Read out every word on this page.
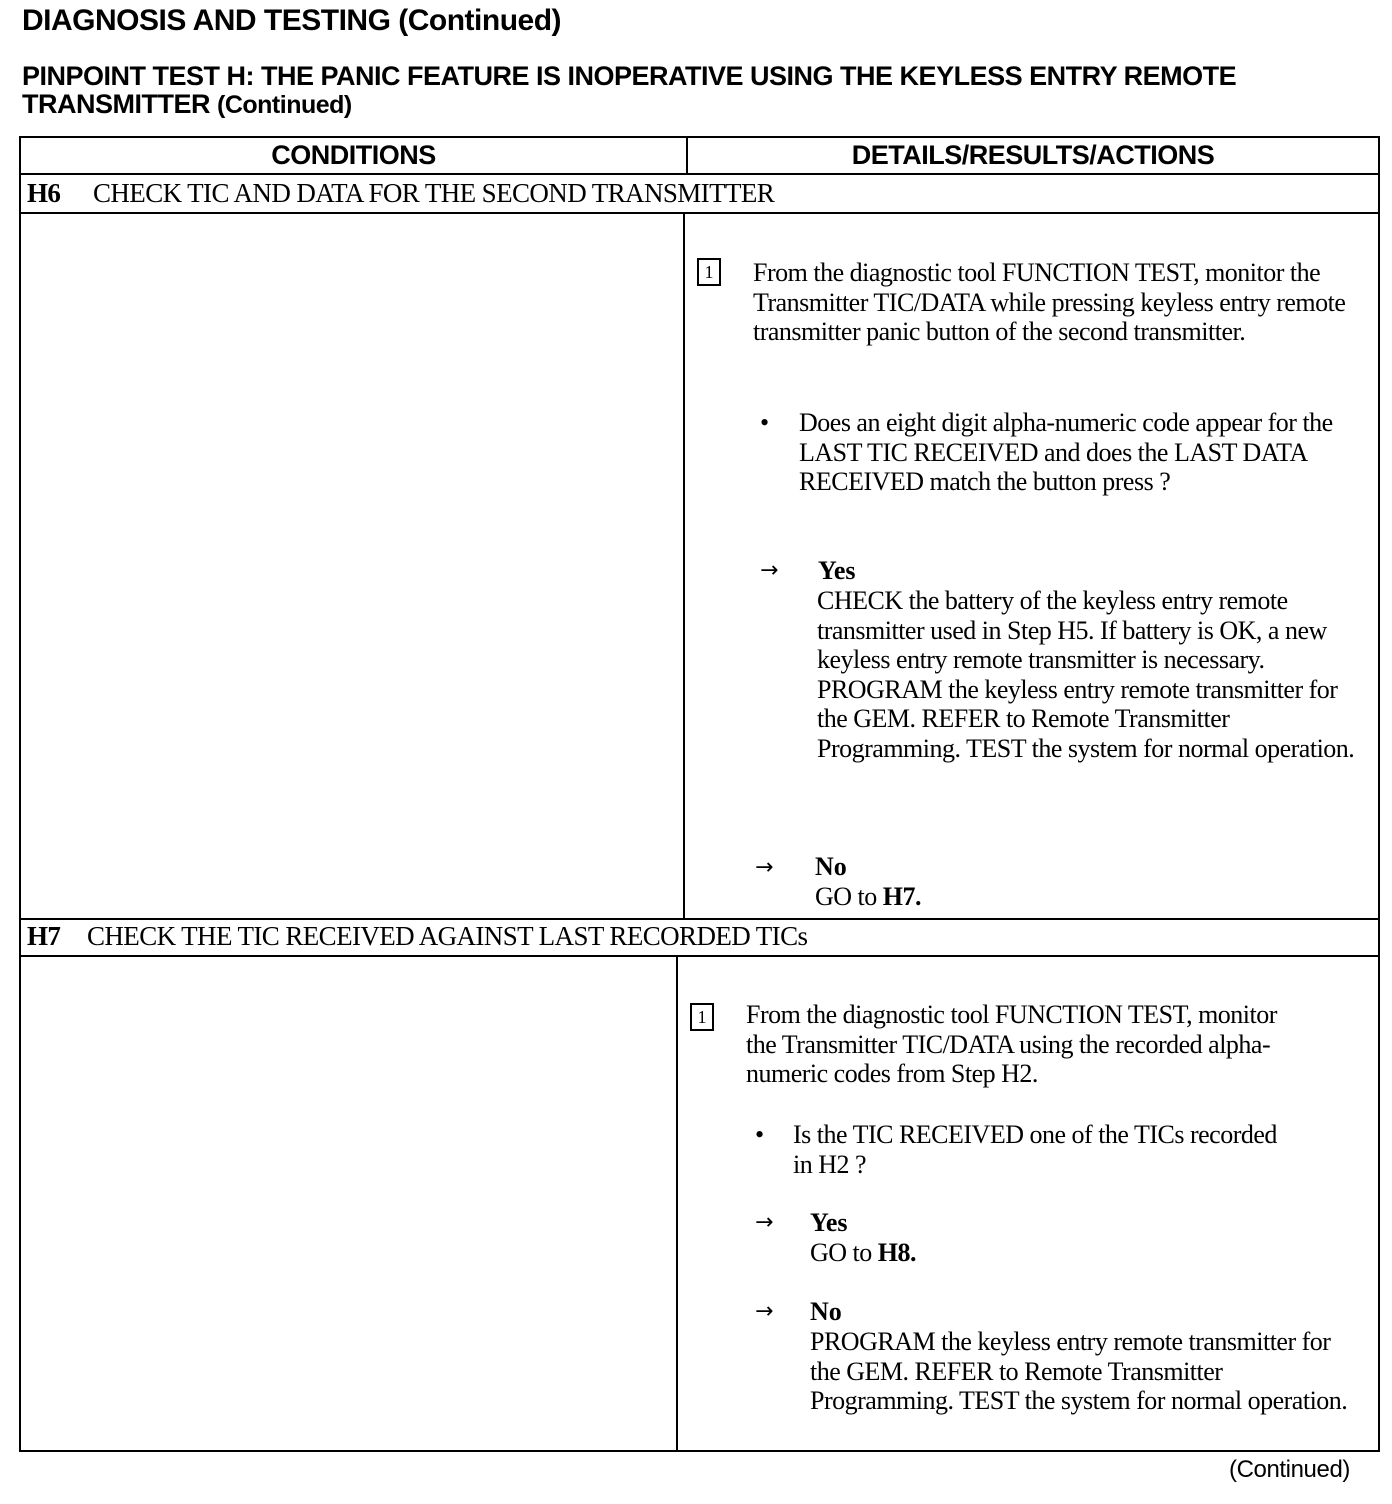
DIAGNOSIS AND TESTING (Continued)
PINPOINT TEST H: THE PANIC FEATURE IS INOPERATIVE USING THE KEYLESS ENTRY REMOTE TRANSMITTER (Continued)
CONDITIONS	DETAILS/RESULTS/ACTIONS
H6 CHECK TIC AND DATA FOR THE SECOND TRANSMITTER
1 From the diagnostic tool FUNCTION TEST, monitor the Transmitter TIC/DATA while pressing keyless entry remote transmitter panic button of the second transmitter.
• Does an eight digit alpha-numeric code appear for the LAST TIC RECEIVED and does the LAST DATA RECEIVED match the button press ?
→ Yes
CHECK the battery of the keyless entry remote transmitter used in Step H5. If battery is OK, a new keyless entry remote transmitter is necessary. PROGRAM the keyless entry remote transmitter for the GEM. REFER to Remote Transmitter Programming. TEST the system for normal operation.
→ No
GO to H7.
H7 CHECK THE TIC RECEIVED AGAINST LAST RECORDED TICs
1 From the diagnostic tool FUNCTION TEST, monitor the Transmitter TIC/DATA using the recorded alpha-numeric codes from Step H2.
• Is the TIC RECEIVED one of the TICs recorded in H2 ?
→ Yes
GO to H8.
→ No
PROGRAM the keyless entry remote transmitter for the GEM. REFER to Remote Transmitter Programming. TEST the system for normal operation.
(Continued)
